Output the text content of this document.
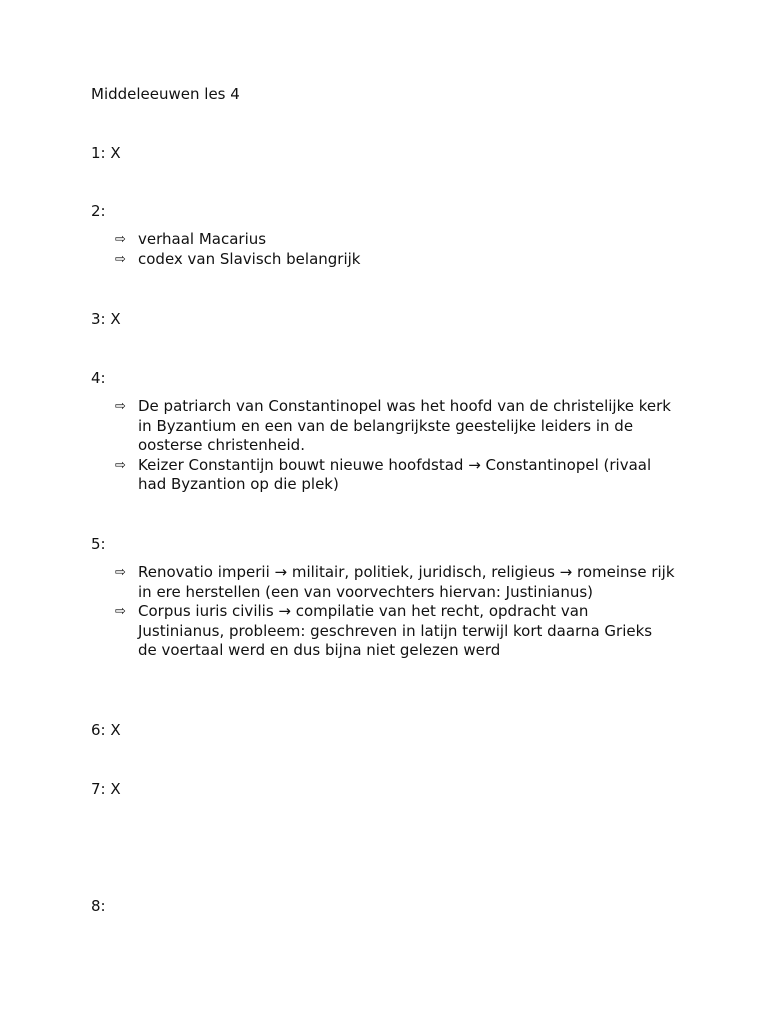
Middeleeuwen les 4
1: X
2:
⇨ verhaal Macarius
⇨ codex van Slavisch belangrijk
3: X
4:
⇨ De patriarch van Constantinopel was het hoofd van de christelijke kerk in Byzantium en een van de belangrijkste geestelijke leiders in de oosterse christenheid.
⇨ Keizer Constantijn bouwt nieuwe hoofdstad → Constantinopel (rivaal had Byzantion op die plek)
5:
⇨ Renovatio imperii → militair, politiek, juridisch, religieus → romeinse rijk in ere herstellen (een van voorvechters hiervan: Justinianus)
⇨ Corpus iuris civilis → compilatie van het recht, opdracht van Justinianus, probleem: geschreven in latijn terwijl kort daarna Grieks de voertaal werd en dus bijna niet gelezen werd
6: X
7: X
8:
